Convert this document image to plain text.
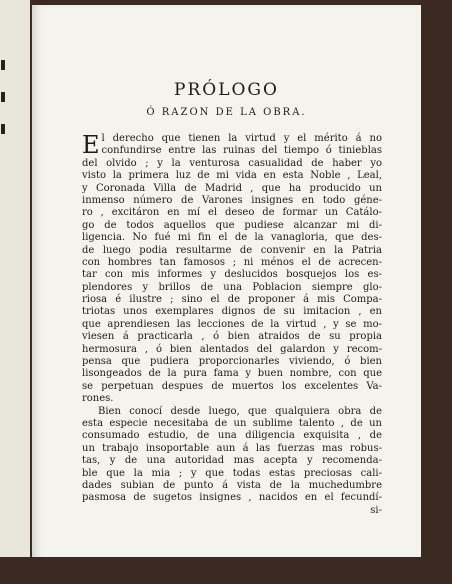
PRÓLOGO
Ó RAZON DE LA OBRA.
E l derecho que tienen la virtud y el mérito á no
confundirse entre las ruinas del tiempo ó tinieblas
del olvido ; y la venturosa casualidad de haber yo
visto la primera luz de mi vida en esta Noble , Leal,
y Coronada Villa de Madrid , que ha producido un
inmenso número de Varones insignes en todo géne-
ro , excitáron en mí el deseo de formar un Catálo-
go de todos aquellos que pudiese alcanzar mi di-
ligencia. No fué mi fin el de la vanagloria, que des-
de luego podia resultarme de convenir en la Patria
con hombres tan famosos ; ni ménos el de acrecen-
tar con mis informes y deslucidos bosquejos los es-
plendores y brillos de una Poblacion siempre glo-
riosa é ilustre ; sino el de proponer á mis Compa-
triotas unos exemplares dignos de su imitacion , en
que aprendiesen las lecciones de la virtud , y se mo-
viesen á practicarla , ó bien atraidos de su propia
hermosura , ó bien alentados del galardon y recom-
pensa que pudiera proporcionarles viviendo, ó bien
lisongeados de la pura fama y buen nombre, con que
se perpetuan despues de muertos los excelentes Va-
rones.
Bien conocí desde luego, que qualquiera obra de
esta especie necesitaba de un sublime talento , de un
consumado estudio, de una diligencia exquisita , de
un trabajo insoportable aun á las fuerzas mas robus-
tas, y de una autoridad mas acepta y recomenda-
ble que la mia ; y que todas estas preciosas cali-
dades subian de punto á vista de la muchedumbre
pasmosa de sugetos insignes , nacidos en el fecundí-
si-
